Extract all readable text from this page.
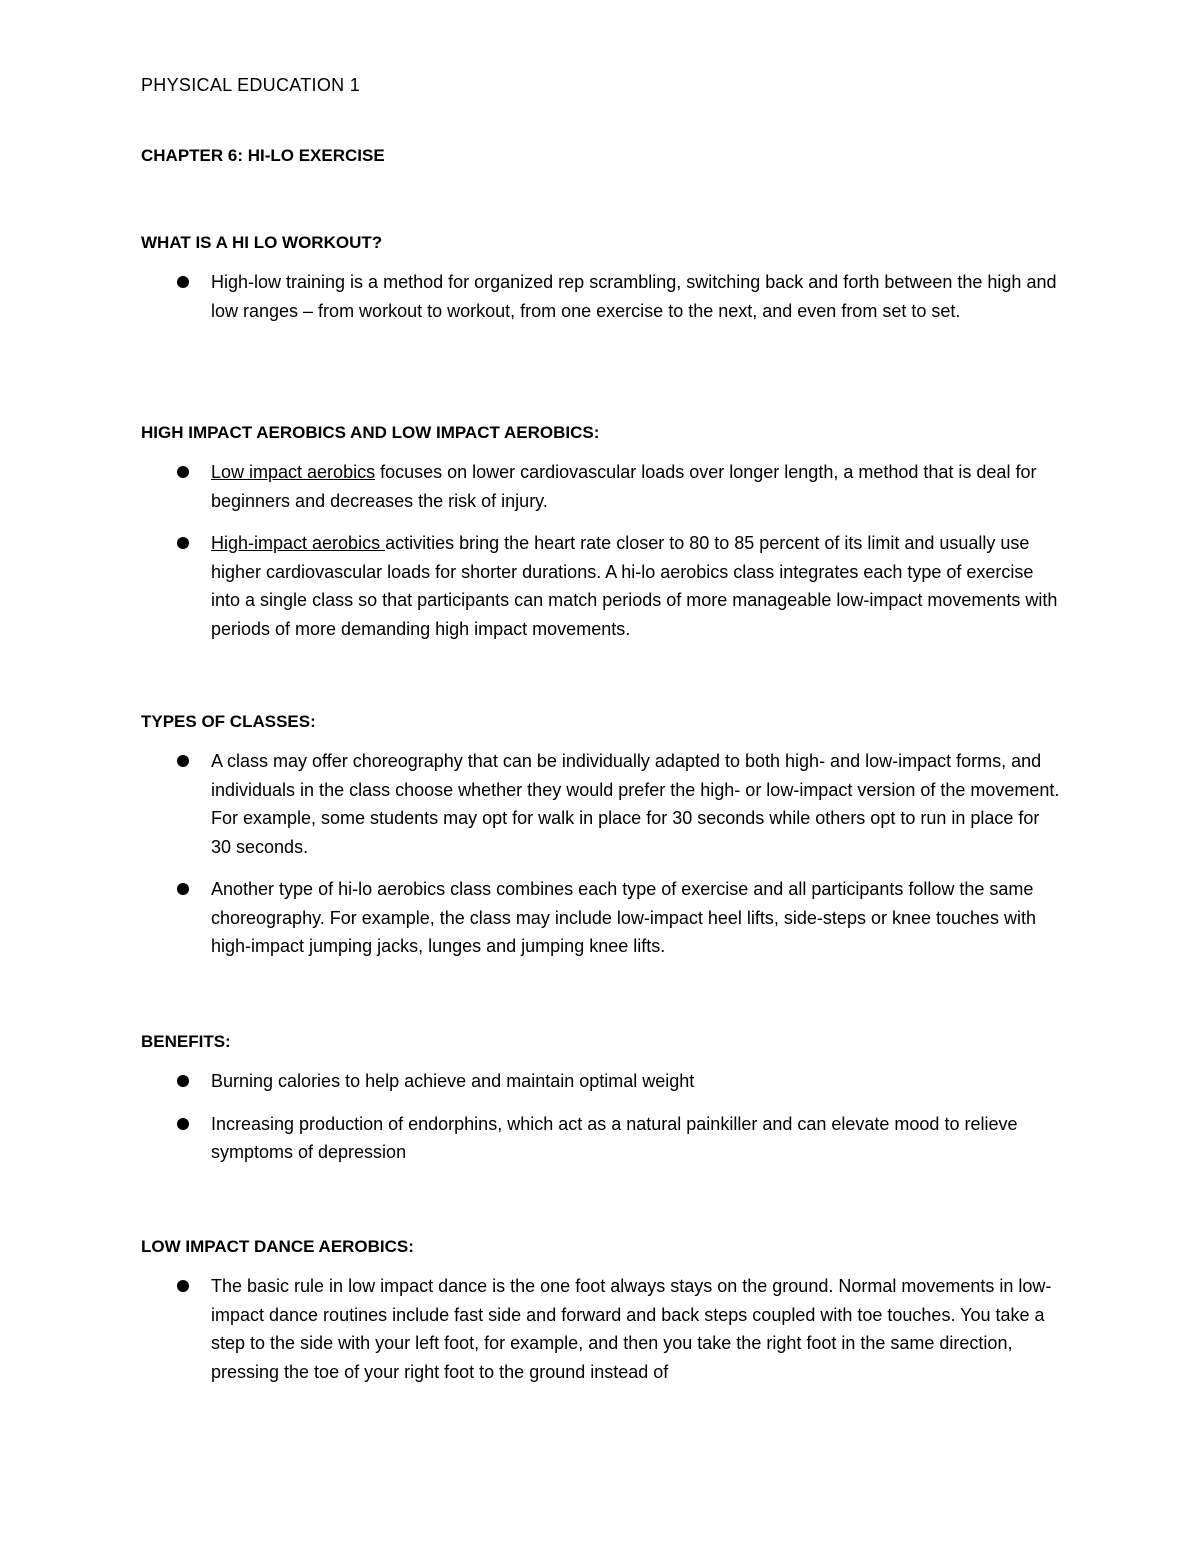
PHYSICAL EDUCATION 1
CHAPTER 6: HI-LO EXERCISE
WHAT IS A HI LO WORKOUT?
High-low training is a method for organized rep scrambling, switching back and forth between the high and low ranges – from workout to workout, from one exercise to the next, and even from set to set.
HIGH IMPACT AEROBICS AND LOW IMPACT AEROBICS:
Low impact aerobics focuses on lower cardiovascular loads over longer length, a method that is deal for beginners and decreases the risk of injury.
High-impact aerobics activities bring the heart rate closer to 80 to 85 percent of its limit and usually use higher cardiovascular loads for shorter durations. A hi-lo aerobics class integrates each type of exercise into a single class so that participants can match periods of more manageable low-impact movements with periods of more demanding high impact movements.
TYPES OF CLASSES:
A class may offer choreography that can be individually adapted to both high- and low-impact forms, and individuals in the class choose whether they would prefer the high- or low-impact version of the movement. For example, some students may opt for walk in place for 30 seconds while others opt to run in place for 30 seconds.
Another type of hi-lo aerobics class combines each type of exercise and all participants follow the same choreography. For example, the class may include low-impact heel lifts, side-steps or knee touches with high-impact jumping jacks, lunges and jumping knee lifts.
BENEFITS:
Burning calories to help achieve and maintain optimal weight
Increasing production of endorphins, which act as a natural painkiller and can elevate mood to relieve symptoms of depression
LOW IMPACT DANCE AEROBICS:
The basic rule in low impact dance is the one foot always stays on the ground. Normal movements in low-impact dance routines include fast side and forward and back steps coupled with toe touches. You take a step to the side with your left foot, for example, and then you take the right foot in the same direction, pressing the toe of your right foot to the ground instead of
